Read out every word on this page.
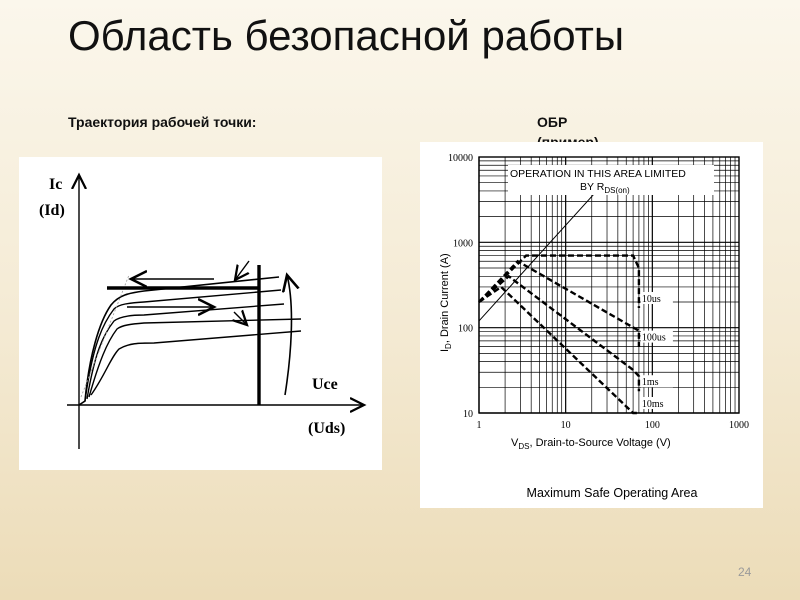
Область безопасной работы
Траектория рабочей точки:	ОБР
Ic
(Id)
Uce
(Uds)
OPERATION IN THIS AREA LIMITED
BY $R_{DS(on)}$
1	10	100	1000
10
100
1000
10000
10us
100us
1ms
10ms
$V_{DS}$, Drain-to-Source Voltage (V)
$I_D$, Drain Current (A)
Maximum Safe Operating Area
24
